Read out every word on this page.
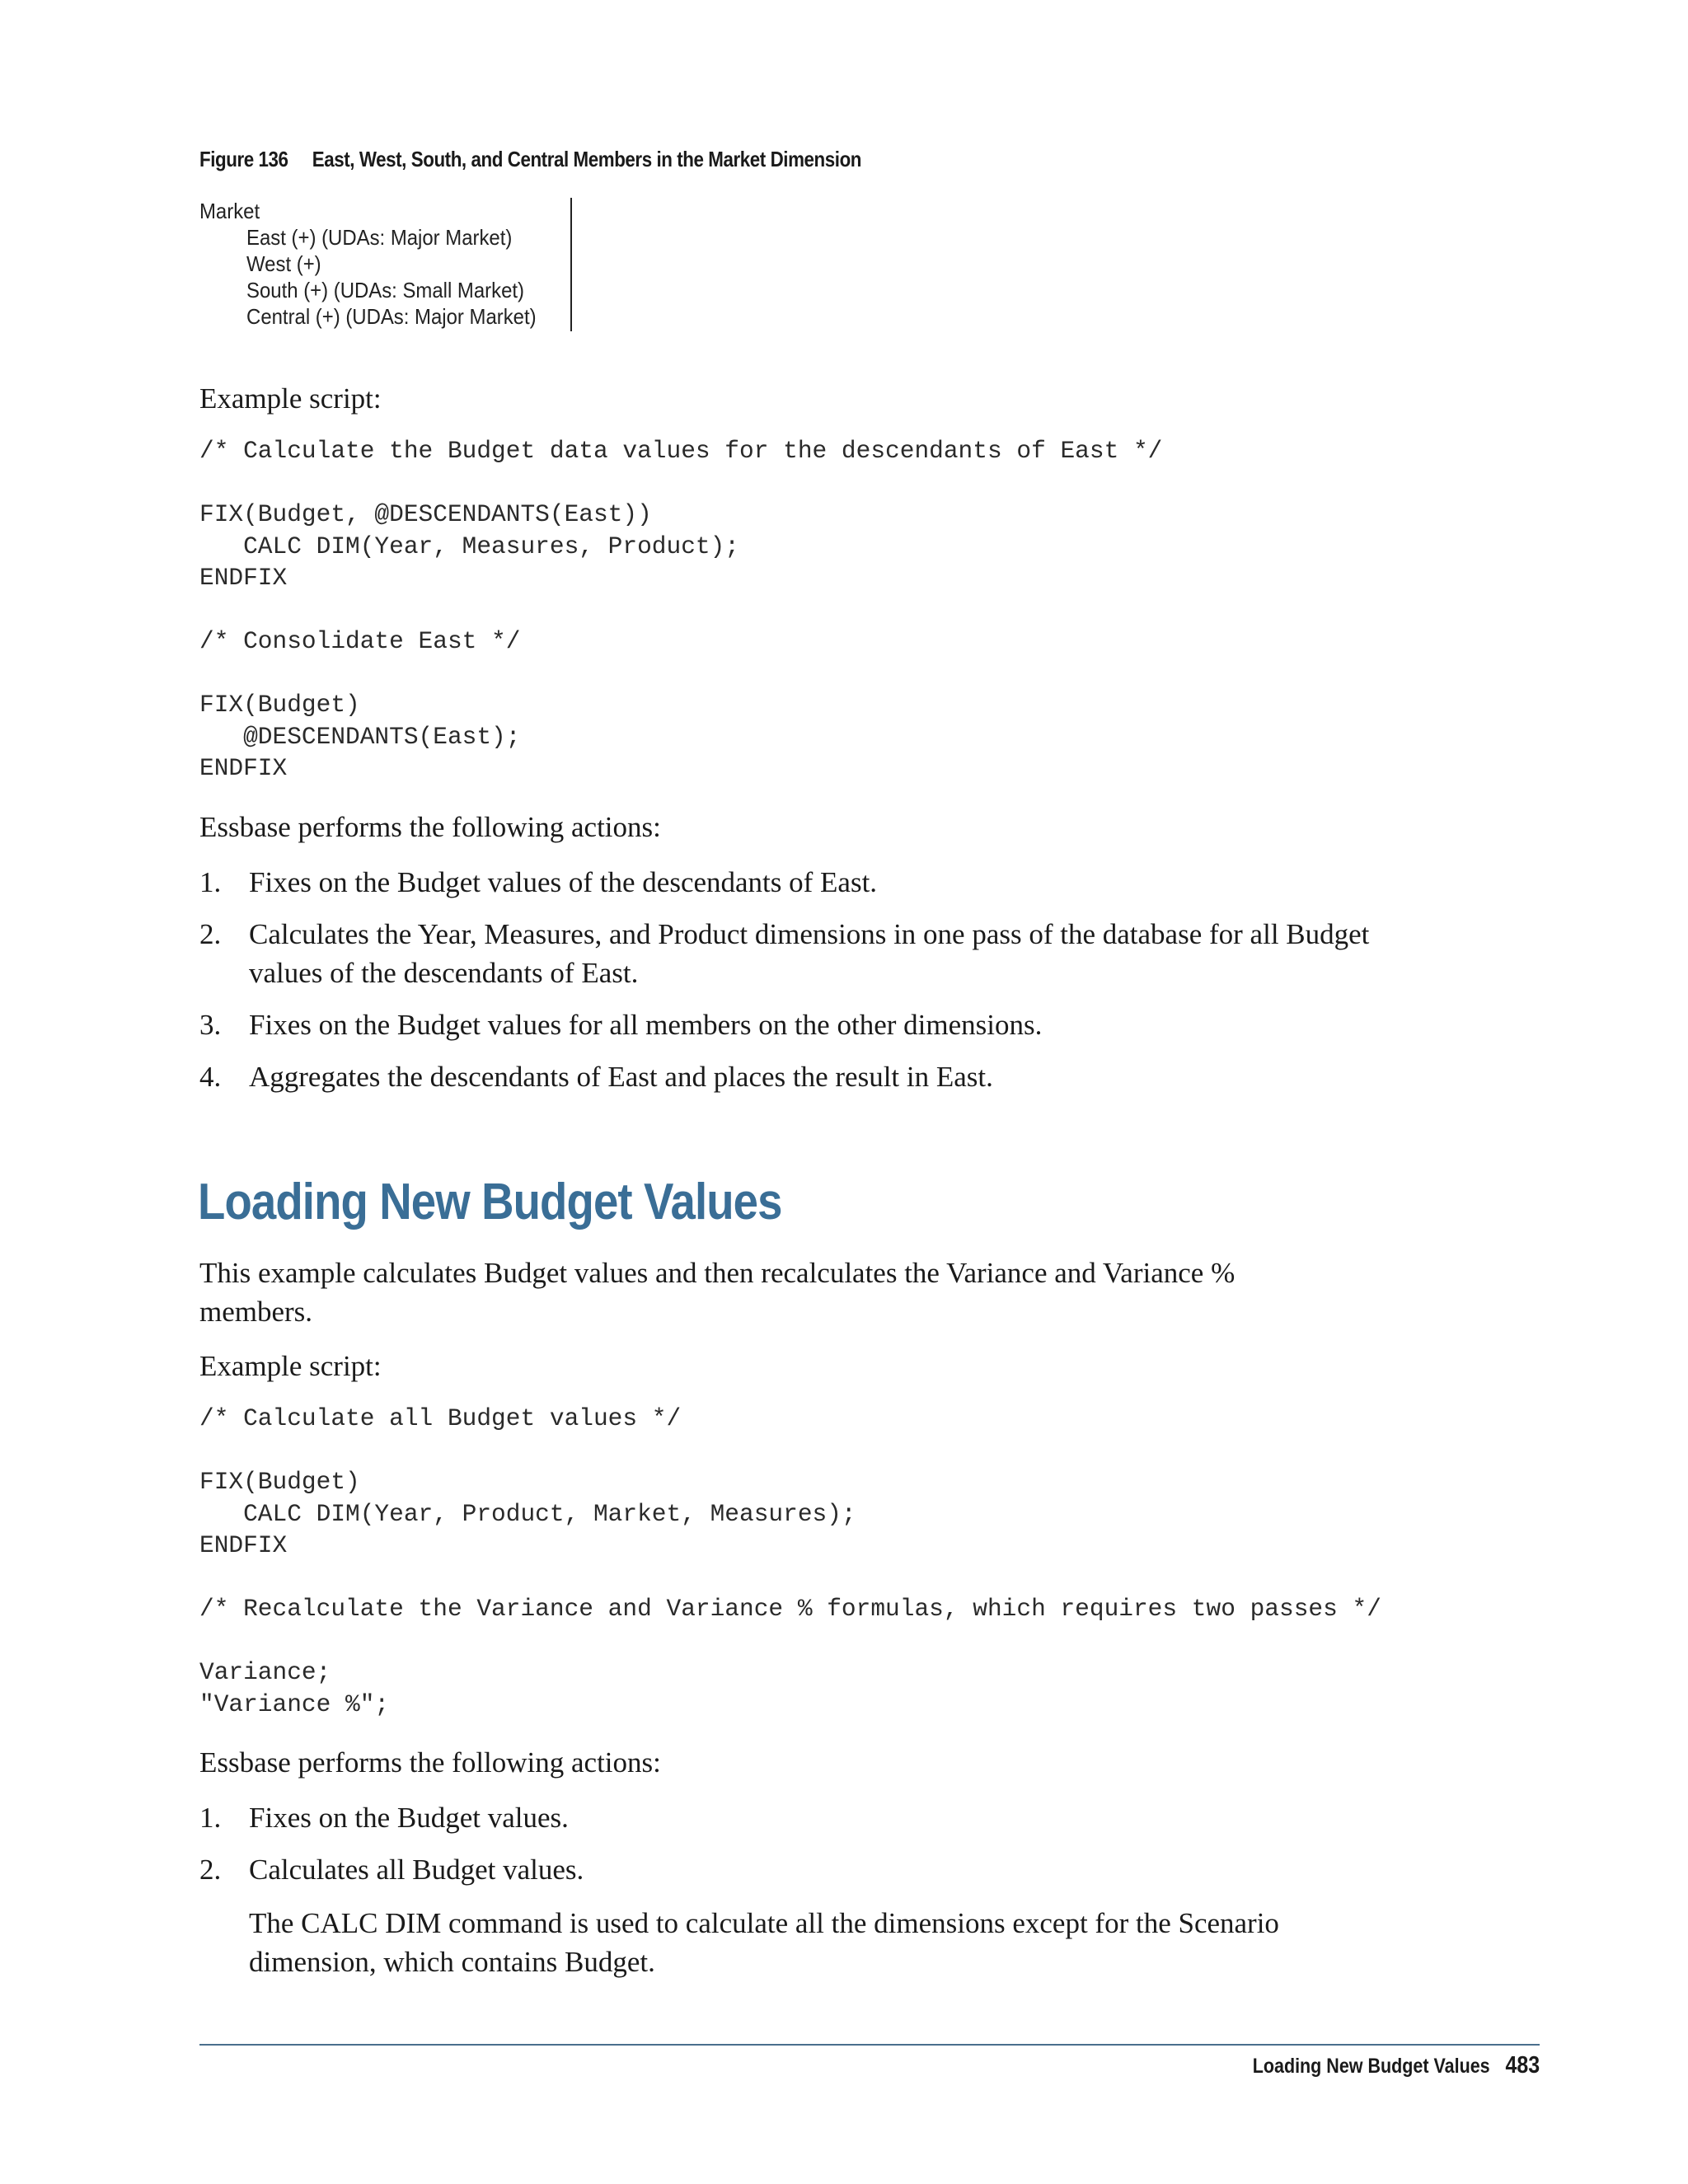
Figure 136 East, West, South, and Central Members in the Market Dimension
Market
East (+) (UDAs: Major Market)
West (+)
South (+) (UDAs: Small Market)
Central (+) (UDAs: Major Market)
Example script:
/* Calculate the Budget data values for the descendants of East */

FIX(Budget, @DESCENDANTS(East))
CALC DIM(Year, Measures, Product);
ENDFIX

/* Consolidate East */

FIX(Budget)
@DESCENDANTS(East);
ENDFIX
Essbase performs the following actions:
1. Fixes on the Budget values of the descendants of East.
2. Calculates the Year, Measures, and Product dimensions in one pass of the database for all Budget values of the descendants of East.
3. Fixes on the Budget values for all members on the other dimensions.
4. Aggregates the descendants of East and places the result in East.
Loading New Budget Values
This example calculates Budget values and then recalculates the Variance and Variance % members.
Example script:
/* Calculate all Budget values */

FIX(Budget)
CALC DIM(Year, Product, Market, Measures);
ENDFIX

/* Recalculate the Variance and Variance % formulas, which requires two passes */

Variance;
"Variance %";
Essbase performs the following actions:
1. Fixes on the Budget values.
2. Calculates all Budget values.
The CALC DIM command is used to calculate all the dimensions except for the Scenario dimension, which contains Budget.
Loading New Budget Values 483
